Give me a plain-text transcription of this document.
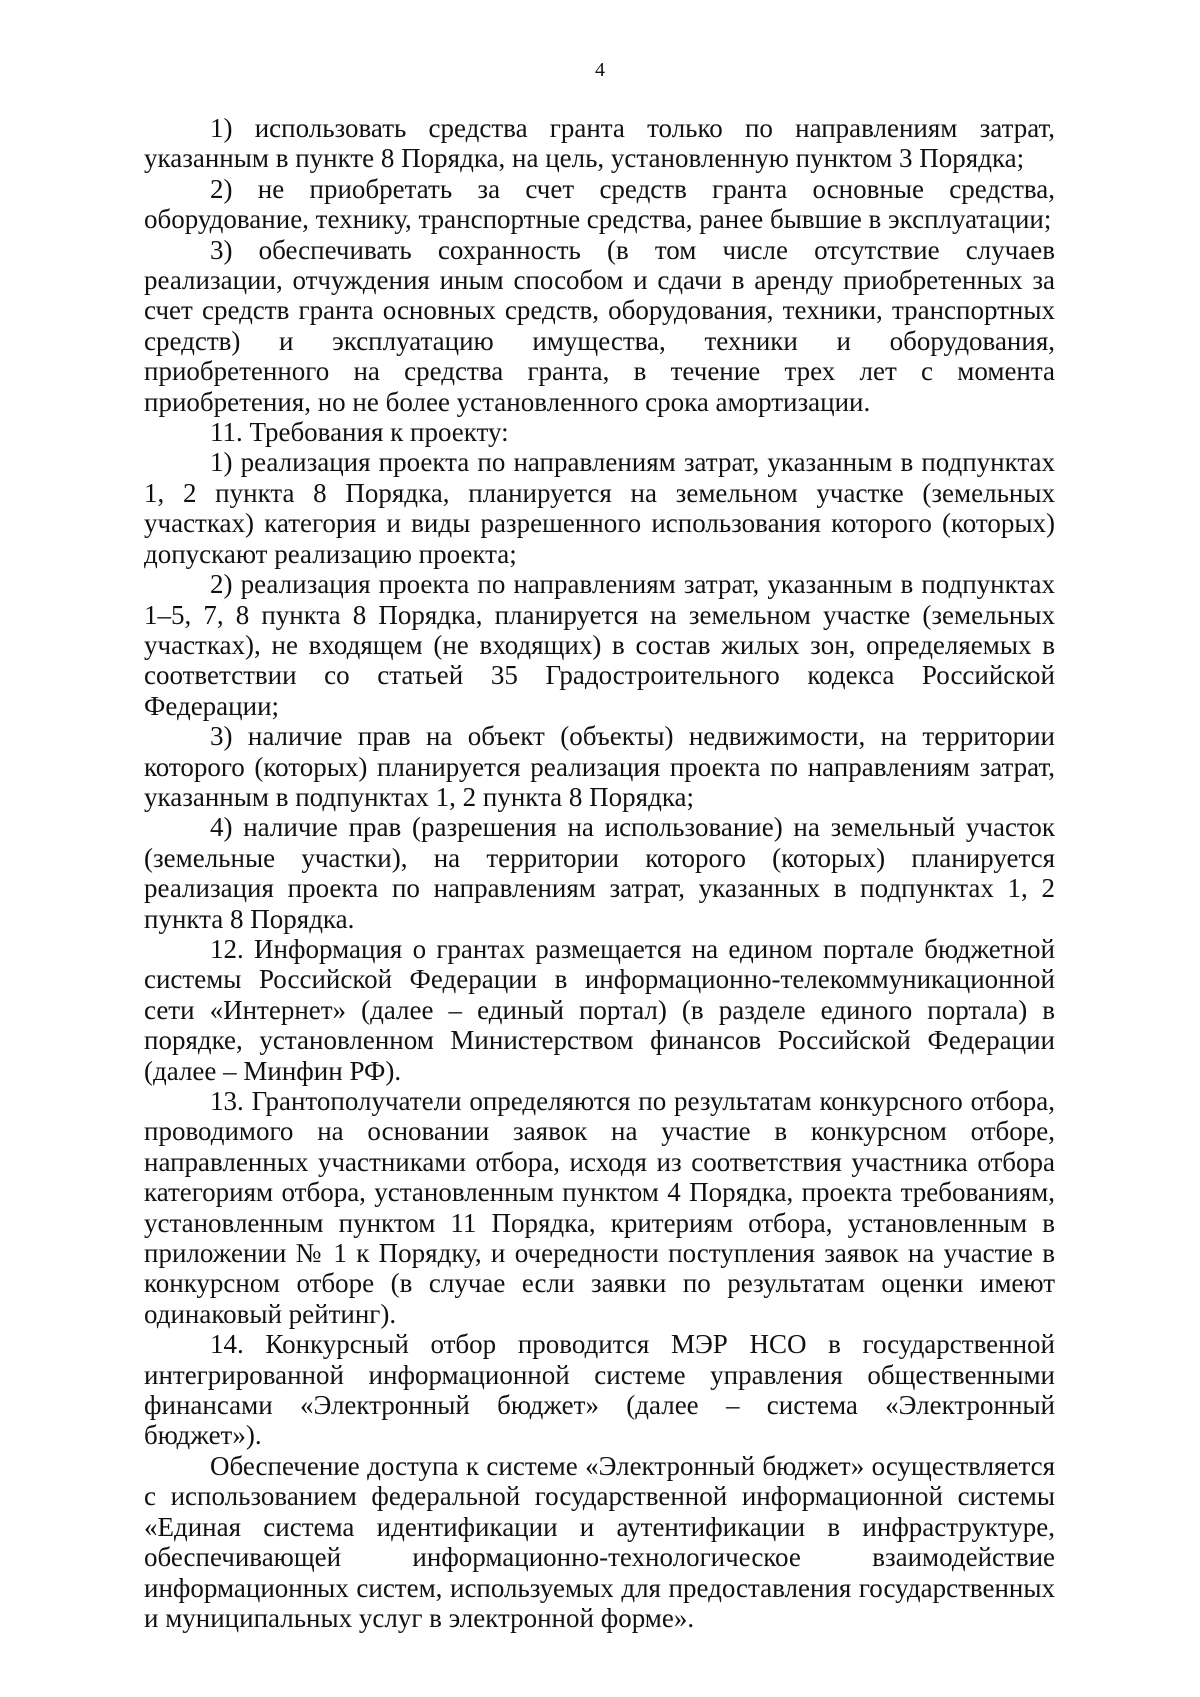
4

1) использовать средства гранта только по направлениям затрат, указанным в пункте 8 Порядка, на цель, установленную пунктом 3 Порядка;

2) не приобретать за счет средств гранта основные средства, оборудование, технику, транспортные средства, ранее бывшие в эксплуатации;

3) обеспечивать сохранность (в том числе отсутствие случаев реализации, отчуждения иным способом и сдачи в аренду приобретенных за счет средств гранта основных средств, оборудования, техники, транспортных средств) и эксплуатацию имущества, техники и оборудования, приобретенного на средства гранта, в течение трех лет с момента приобретения, но не более установленного срока амортизации.

11. Требования к проекту:

1) реализация проекта по направлениям затрат, указанным в подпунктах 1, 2 пункта 8 Порядка, планируется на земельном участке (земельных участках) категория и виды разрешенного использования которого (которых) допускают реализацию проекта;

2) реализация проекта по направлениям затрат, указанным в подпунктах 1–5, 7, 8 пункта 8 Порядка, планируется на земельном участке (земельных участках), не входящем (не входящих) в состав жилых зон, определяемых в соответствии со статьей 35 Градостроительного кодекса Российской Федерации;

3) наличие прав на объект (объекты) недвижимости, на территории которого (которых) планируется реализация проекта по направлениям затрат, указанным в подпунктах 1, 2 пункта 8 Порядка;

4) наличие прав (разрешения на использование) на земельный участок (земельные участки), на территории которого (которых) планируется реализация проекта по направлениям затрат, указанных в подпунктах 1, 2 пункта 8 Порядка.

12. Информация о грантах размещается на едином портале бюджетной системы Российской Федерации в информационно-телекоммуникационной сети «Интернет» (далее – единый портал) (в разделе единого портала) в порядке, установленном Министерством финансов Российской Федерации (далее – Минфин РФ).

13. Грантополучатели определяются по результатам конкурсного отбора, проводимого на основании заявок на участие в конкурсном отборе, направленных участниками отбора, исходя из соответствия участника отбора категориям отбора, установленным пунктом 4 Порядка, проекта требованиям, установленным пунктом 11 Порядка, критериям отбора, установленным в приложении № 1 к Порядку, и очередности поступления заявок на участие в конкурсном отборе (в случае если заявки по результатам оценки имеют одинаковый рейтинг).

14. Конкурсный отбор проводится МЭР НСО в государственной интегрированной информационной системе управления общественными финансами «Электронный бюджет» (далее – система «Электронный бюджет»).

Обеспечение доступа к системе «Электронный бюджет» осуществляется с использованием федеральной государственной информационной системы «Единая система идентификации и аутентификации в инфраструктуре, обеспечивающей информационно-технологическое взаимодействие информационных систем, используемых для предоставления государственных и муниципальных услуг в электронной форме».
